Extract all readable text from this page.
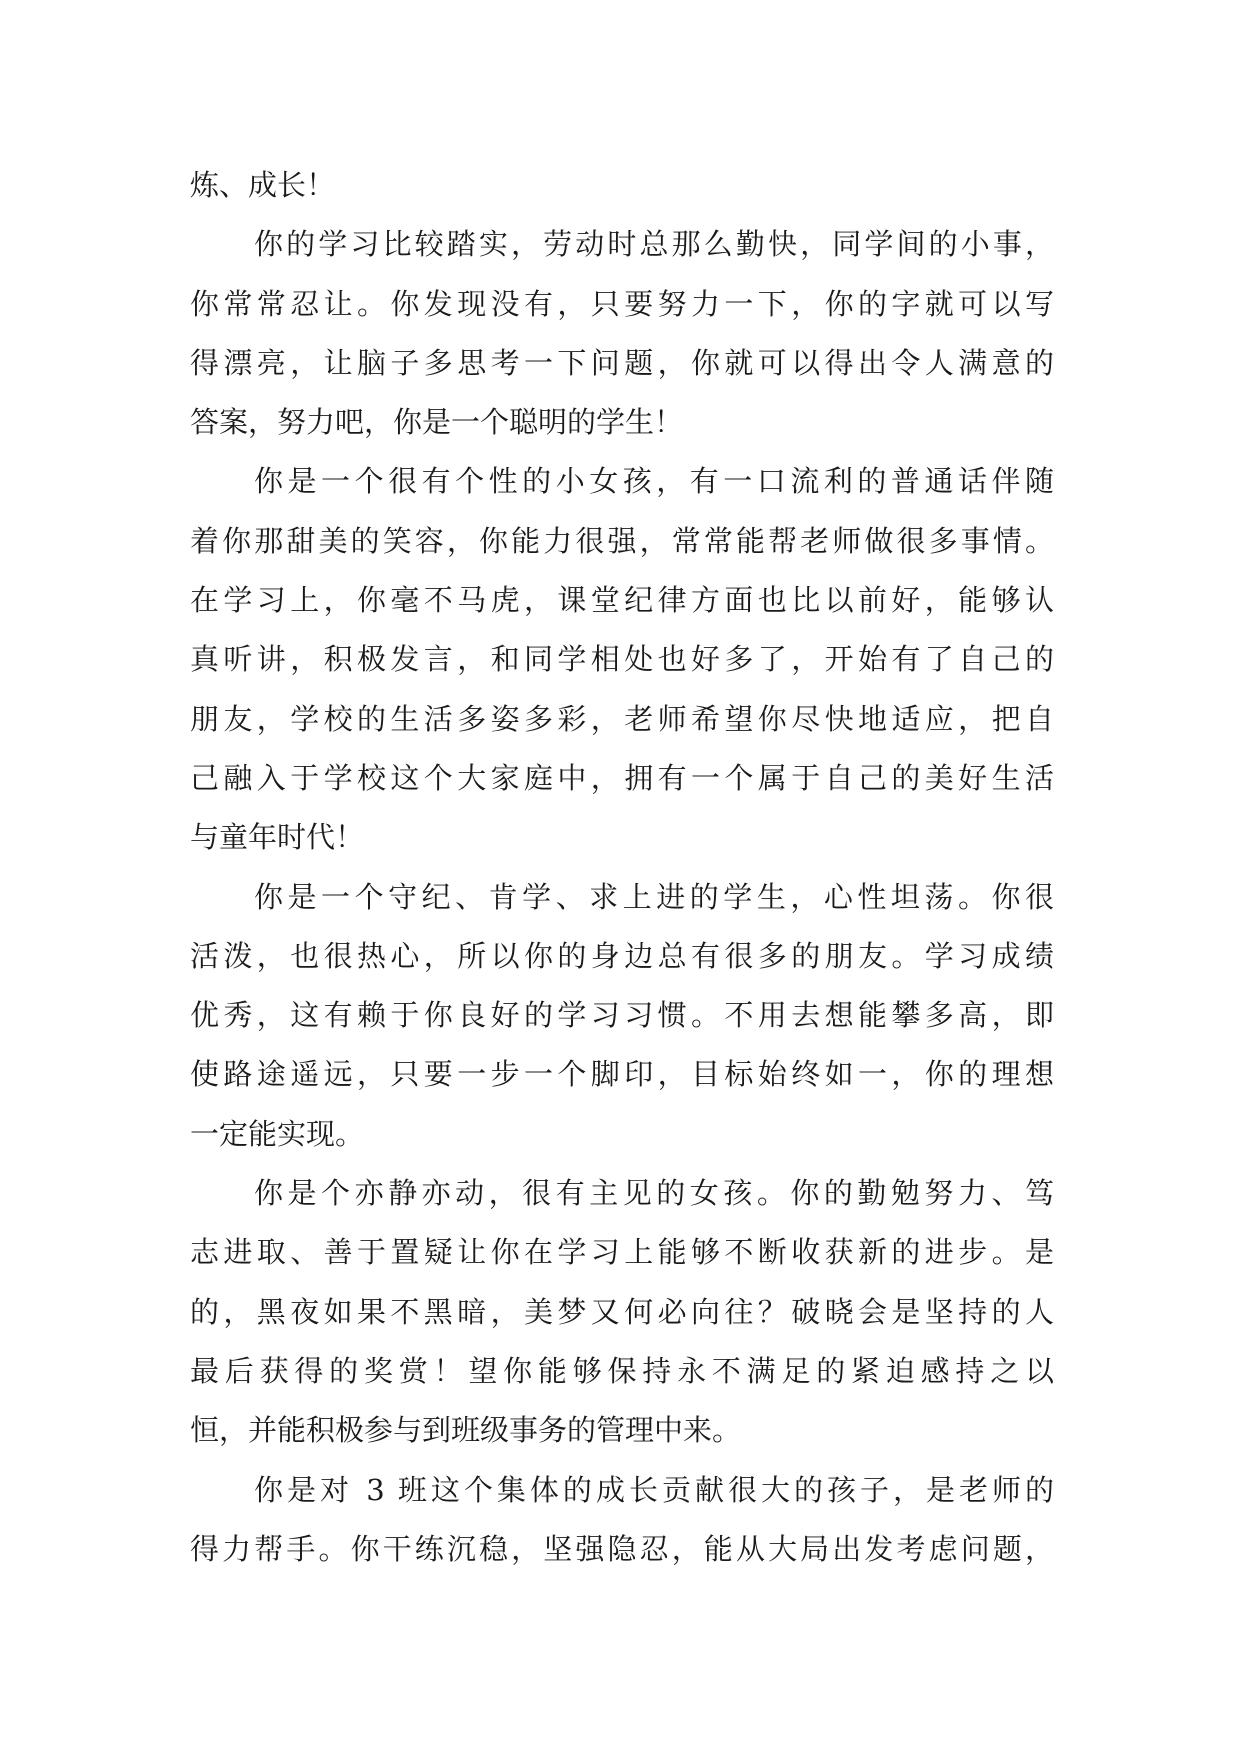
炼、成长！
你的学习比较踏实，劳动时总那么勤快，同学间的小事，
你常常忍让。你发现没有，只要努力一下，你的字就可以写
得漂亮，让脑子多思考一下问题，你就可以得出令人满意的
答案，努力吧，你是一个聪明的学生！
你是一个很有个性的小女孩，有一口流利的普通话伴随
着你那甜美的笑容，你能力很强，常常能帮老师做很多事情。
在学习上，你毫不马虎，课堂纪律方面也比以前好，能够认
真听讲，积极发言，和同学相处也好多了，开始有了自己的
朋友，学校的生活多姿多彩，老师希望你尽快地适应，把自
己融入于学校这个大家庭中，拥有一个属于自己的美好生活
与童年时代！
你是一个守纪、肯学、求上进的学生，心性坦荡。你很
活泼，也很热心，所以你的身边总有很多的朋友。学习成绩
优秀，这有赖于你良好的学习习惯。不用去想能攀多高，即
使路途遥远，只要一步一个脚印，目标始终如一，你的理想
一定能实现。
你是个亦静亦动，很有主见的女孩。你的勤勉努力、笃
志进取、善于置疑让你在学习上能够不断收获新的进步。是
的，黑夜如果不黑暗，美梦又何必向往？破晓会是坚持的人
最后获得的奖赏！望你能够保持永不满足的紧迫感持之以
恒，并能积极参与到班级事务的管理中来。
你是对 3 班这个集体的成长贡献很大的孩子，是老师的
得力帮手。你干练沉稳，坚强隐忍，能从大局出发考虑问题，
